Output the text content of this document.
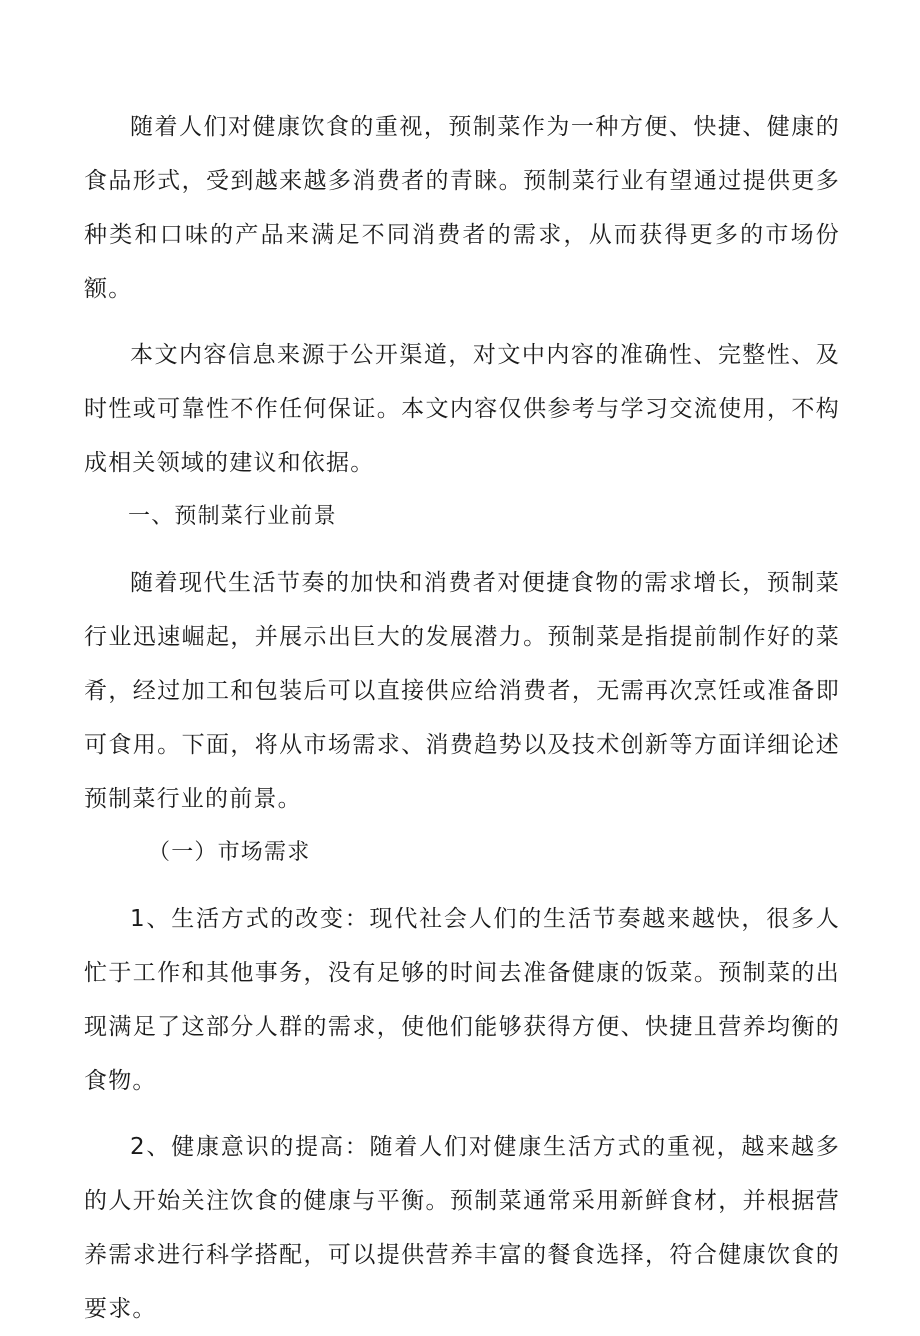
随着人们对健康饮食的重视，预制菜作为一种方便、快捷、健康的食品形式，受到越来越多消费者的青睐。预制菜行业有望通过提供更多种类和口味的产品来满足不同消费者的需求，从而获得更多的市场份额。

本文内容信息来源于公开渠道，对文中内容的准确性、完整性、及时性或可靠性不作任何保证。本文内容仅供参考与学习交流使用，不构成相关领域的建议和依据。

一、预制菜行业前景

随着现代生活节奏的加快和消费者对便捷食物的需求增长，预制菜行业迅速崛起，并展示出巨大的发展潜力。预制菜是指提前制作好的菜肴，经过加工和包装后可以直接供应给消费者，无需再次烹饪或准备即可食用。下面，将从市场需求、消费趋势以及技术创新等方面详细论述预制菜行业的前景。

（一）市场需求

1、生活方式的改变：现代社会人们的生活节奏越来越快，很多人忙于工作和其他事务，没有足够的时间去准备健康的饭菜。预制菜的出现满足了这部分人群的需求，使他们能够获得方便、快捷且营养均衡的食物。

2、健康意识的提高：随着人们对健康生活方式的重视，越来越多的人开始关注饮食的健康与平衡。预制菜通常采用新鲜食材，并根据营养需求进行科学搭配，可以提供营养丰富的餐食选择，符合健康饮食的要求。
